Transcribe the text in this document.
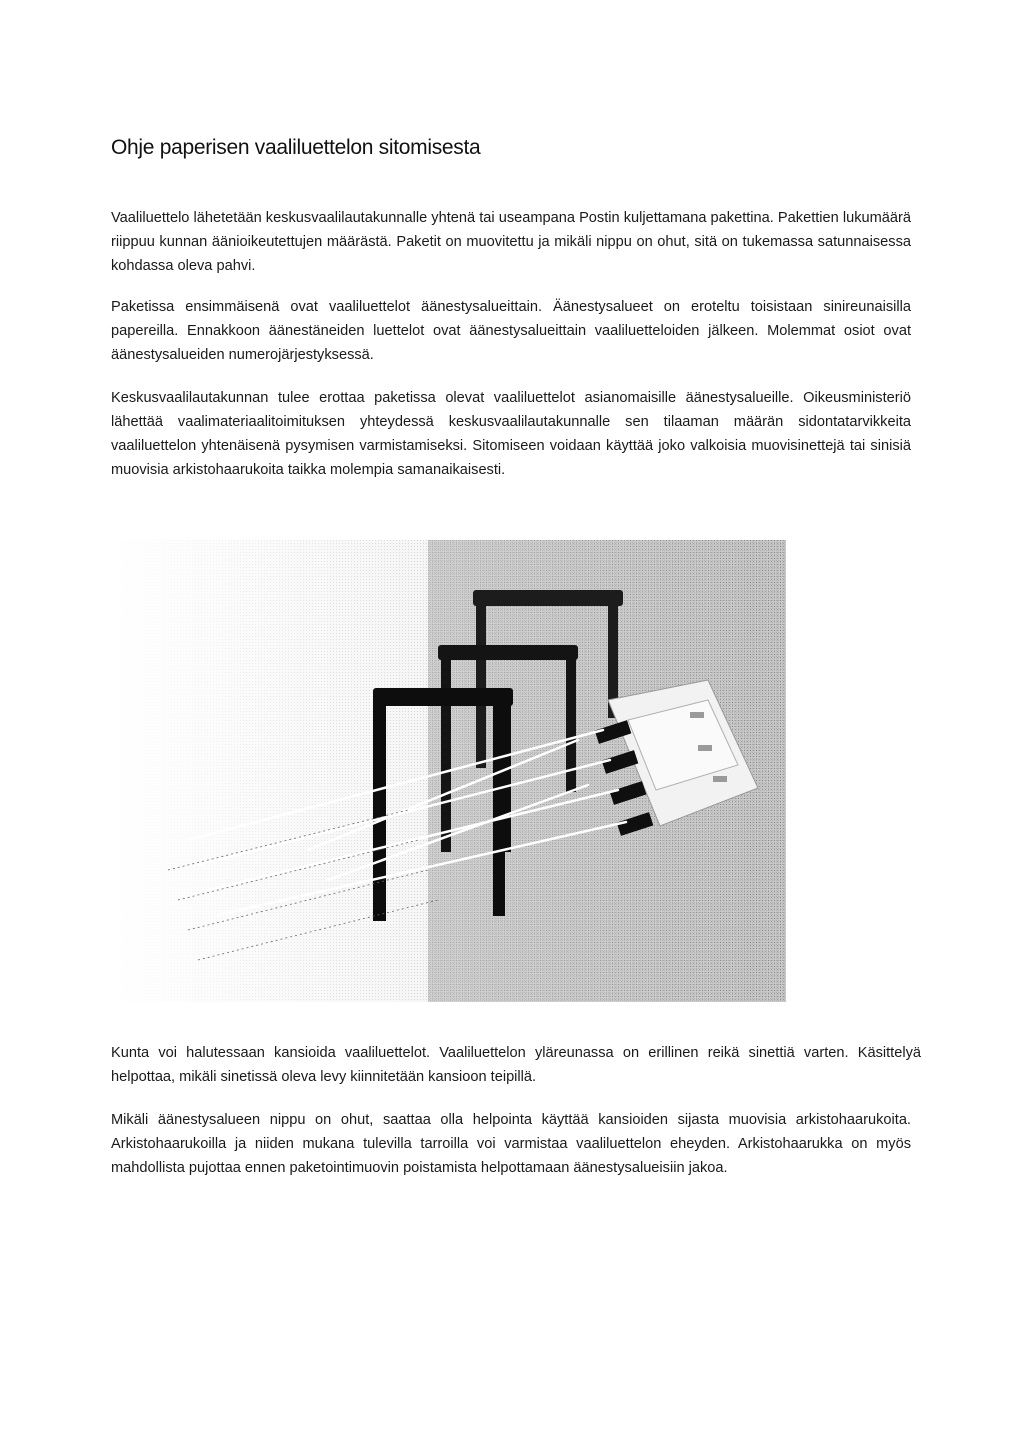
Ohje paperisen vaaliluettelon sitomisesta

Vaaliluettelo lähetetään keskusvaalilautakunnalle yhtenä tai useampana Postin kuljettamana pakettina. Pakettien lukumäärä riippuu kunnan äänioikeutettujen määrästä. Paketit on muovitettu ja mikäli nippu on ohut, sitä on tukemassa satunnaisessa kohdassa oleva pahvi.

Paketissa ensimmäisenä ovat vaaliluettelot äänestysalueittain. Äänestysalueet on eroteltu toisistaan sinireunaisilla papereilla. Ennakkoon äänestäneiden luettelot ovat äänestysalueittain vaaliluetteloiden jälkeen. Molemmat osiot ovat äänestysalueiden numerojärjestyksessä.

Keskusvaalilautakunnan tulee erottaa paketissa olevat vaaliluettelot asianomaisille äänestysalueille. Oikeusministeriö lähettää vaalimateriaalitoimituksen yhteydessä keskusvaalilautakunnalle sen tilaaman määrän sidontatarvikkeita vaaliluettelon yhtenäisenä pysymisen varmistamiseksi. Sitomiseen voidaan käyttää joko valkoisia muovisinettejä tai sinisiä muovisia arkistohaarukoita taikka molempia samanaikaisesti.

Kunta voi halutessaan kansioida vaaliluettelot. Vaaliluettelon yläreunassa on erillinen reikä sinettiä varten. Käsittelyä helpottaa, mikäli sinetissä oleva levy kiinnitetään kansioon teipillä.

Mikäli äänestysalueen nippu on ohut, saattaa olla helpointa käyttää kansioiden sijasta muovisia arkistohaarukoita. Arkistohaarukoilla ja niiden mukana tulevilla tarroilla voi varmistaa vaaliluettelon eheyden. Arkistohaarukka on myös mahdollista pujottaa ennen paketointimuovin poistamista helpottamaan äänestysalueisiin jakoa.
